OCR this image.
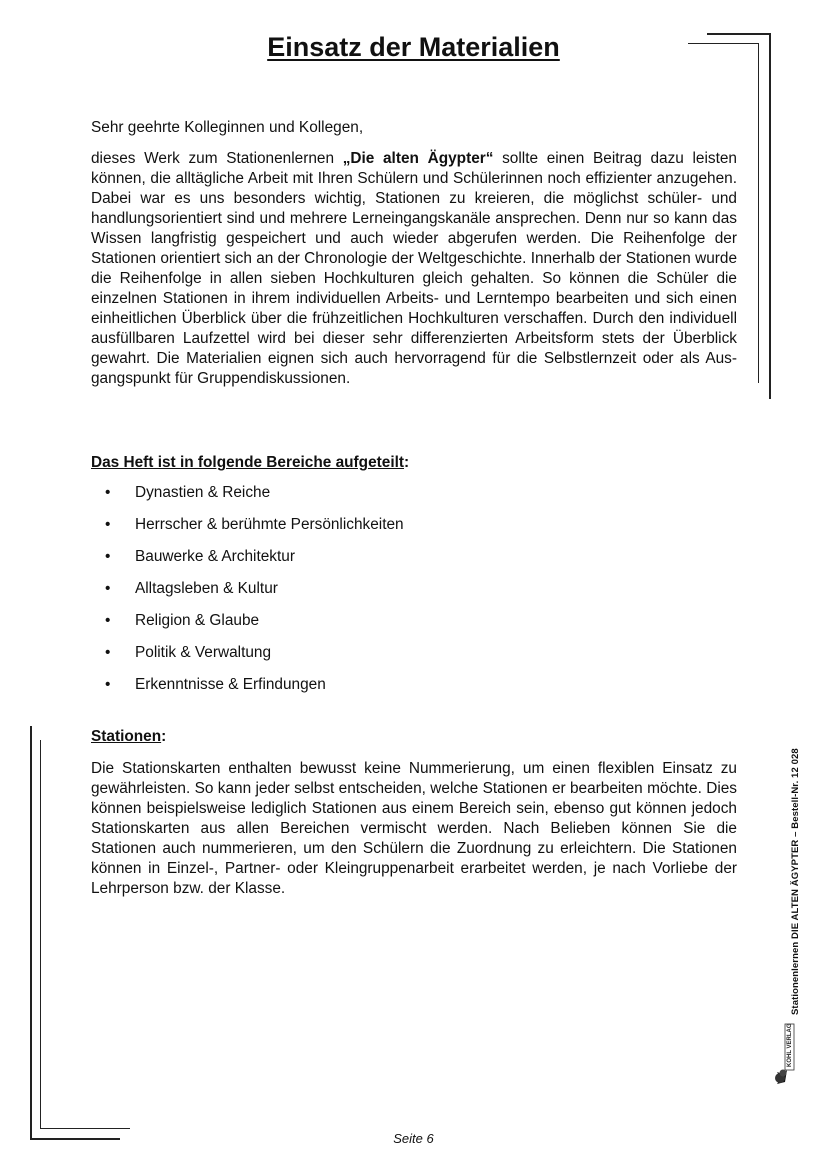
Einsatz der Materialien

Sehr geehrte Kolleginnen und Kollegen,

dieses Werk zum Stationenlernen „Die alten Ägypter“ sollte einen Beitrag dazu leisten können, die alltägliche Arbeit mit Ihren Schülern und Schülerinnen noch effizienter anzugehen. Dabei war es uns besonders wichtig, Stationen zu kreieren, die möglichst schüler- und handlungsorientiert sind und mehrere Lerneingangskanäle ansprechen. Denn nur so kann das Wissen langfristig gespeichert und auch wieder abgerufen werden. Die Reihenfolge der Stationen orientiert sich an der Chronologie der Weltgeschichte. Innerhalb der Stationen wurde die Reihenfolge in allen sieben Hochkulturen gleich gehalten. So können die Schüler die einzelnen Stationen in ihrem individuellen Arbeits- und Lerntempo bearbeiten und sich einen einheitlichen Überblick über die frühzeitlichen Hochkulturen verschaffen. Durch den individuell ausfüllbaren Laufzettel wird bei dieser sehr differenzierten Arbeitsform stets der Überblick gewahrt. Die Materialien eignen sich auch hervorragend für die Selbstlernzeit oder als Ausgangspunkt für Gruppendiskussionen.

Das Heft ist in folgende Bereiche aufgeteilt:

• Dynastien & Reiche
• Herrscher & berühmte Persönlichkeiten
• Bauwerke & Architektur
• Alltagsleben & Kultur
• Religion & Glaube
• Politik & Verwaltung
• Erkenntnisse & Erfindungen

Stationen:

Die Stationskarten enthalten bewusst keine Nummerierung, um einen flexiblen Einsatz zu gewährleisten. So kann jeder selbst entscheiden, welche Stationen er bearbeiten möchte. Dies können beispielsweise lediglich Stationen aus einem Bereich sein, ebenso gut können jedoch Stationskarten aus allen Bereichen vermischt werden. Nach Belieben können Sie die Stationen auch nummerieren, um den Schülern die Zuordnung zu erleichtern. Die Stationen können in Einzel-, Partner- oder Kleingruppenarbeit erarbeitet werden, je nach Vorliebe der Lehrperson bzw. der Klasse.	Stationenlernen DIE ALTEN ÄGYPTER – Bestell-Nr. 12 028
KOHL VERLAG
Seite 6
